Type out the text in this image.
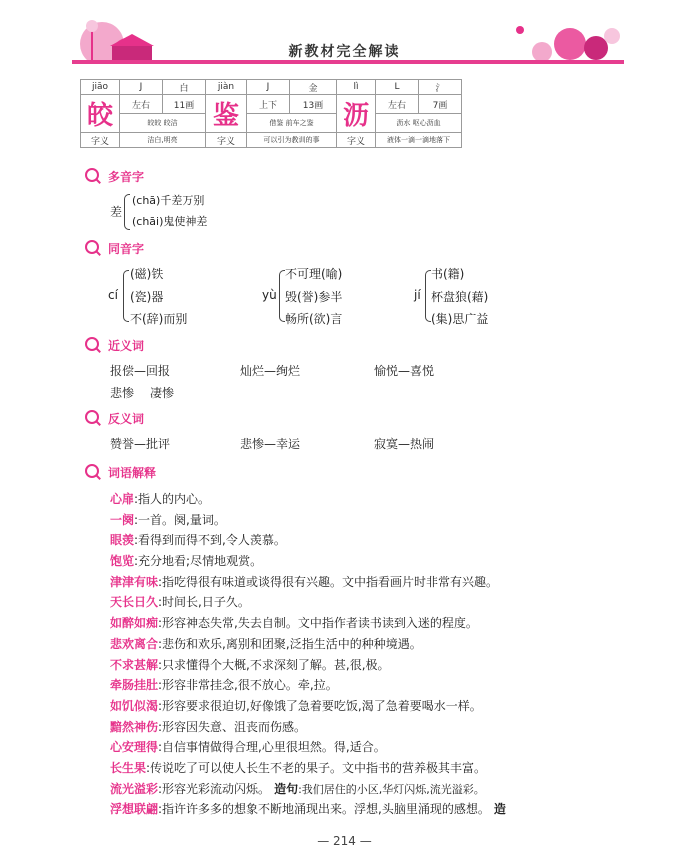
新教材完全解读
jiāo	J	白	jiàn	J	金	lì	L	氵
皎	左右	11画	鉴	上下	13画	沥	左右	7画
	皎皎 皎洁			借鉴 前车之鉴			沥水 呕心沥血	
字义	洁白,明亮		字义	可以引为教训的事		字义	液体一滴一滴地落下	
多音字
差
(chā)千差万别
(chāi)鬼使神差
同音字
cí
(磁)铁
(瓷)器
不(辞)而别
yù
不可理(喻)
毁(誉)参半
畅所(欲)言
jí
书(籍)
杯盘狼(藉)
(集)思广益
近义词
报偿—回报	灿烂—绚烂	愉悦—喜悦
悲惨 凄惨
反义词
赞誉—批评	悲惨—幸运	寂寞—热闹
词语解释
心扉:指人的内心。
一阕:一首。阕,量词。
眼羡:看得到而得不到,令人羡慕。
饱览:充分地看;尽情地观赏。
津津有味:指吃得很有味道或谈得很有兴趣。文中指看画片时非常有兴趣。
天长日久:时间长,日子久。
如醉如痴:形容神态失常,失去自制。文中指作者读书读到入迷的程度。
悲欢离合:悲伤和欢乐,离别和团聚,泛指生活中的种种境遇。
不求甚解:只求懂得个大概,不求深刻了解。甚,很,极。
牵肠挂肚:形容非常挂念,很不放心。牵,拉。
如饥似渴:形容要求很迫切,好像饿了急着要吃饭,渴了急着要喝水一样。
黯然神伤:形容因失意、沮丧而伤感。
心安理得:自信事情做得合理,心里很坦然。得,适合。
长生果:传说吃了可以使人长生不老的果子。文中指书的营养极其丰富。
流光溢彩:形容光彩流动闪烁。 造句:我们居住的小区,华灯闪烁,流光溢彩。
浮想联翩:指许许多多的想象不断地涌现出来。浮想,头脑里涌现的感想。 造
— 214 —
